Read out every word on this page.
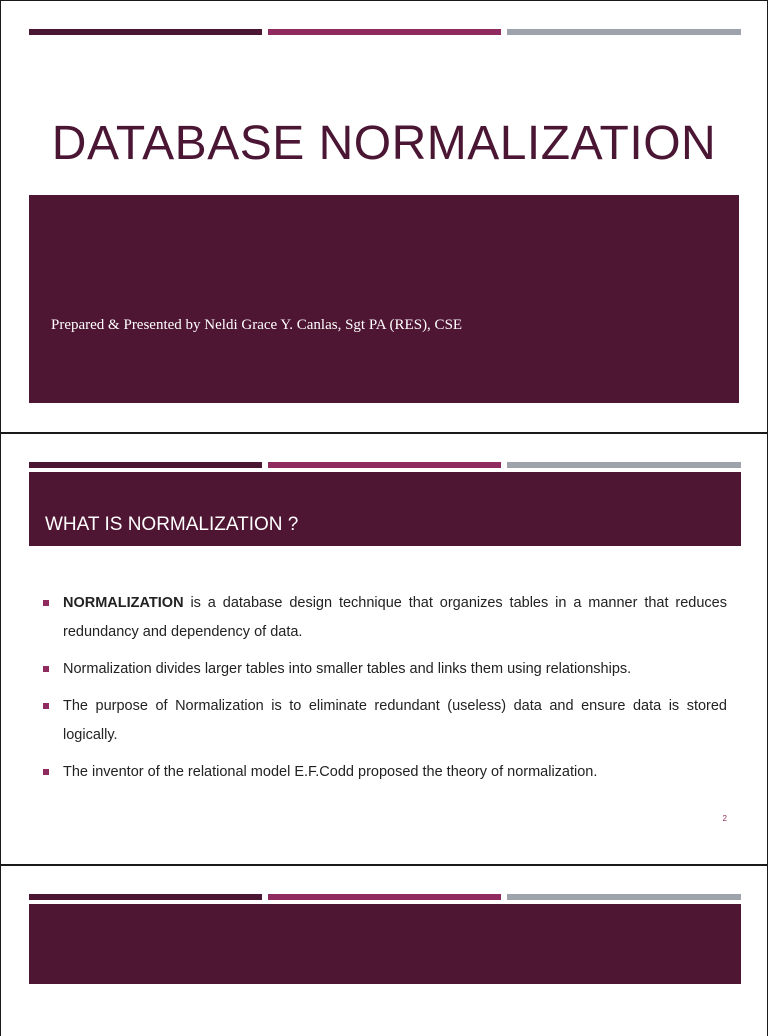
DATABASE NORMALIZATION
Prepared & Presented by Neldi Grace Y. Canlas, Sgt PA (RES), CSE
WHAT IS NORMALIZATION ?
NORMALIZATION is a database design technique that organizes tables in a manner that reduces redundancy and dependency of data.
Normalization divides larger tables into smaller tables and links them using relationships.
The purpose of Normalization is to eliminate redundant (useless) data and ensure data is stored logically.
The inventor of the relational model E.F.Codd proposed the theory of normalization.
2
